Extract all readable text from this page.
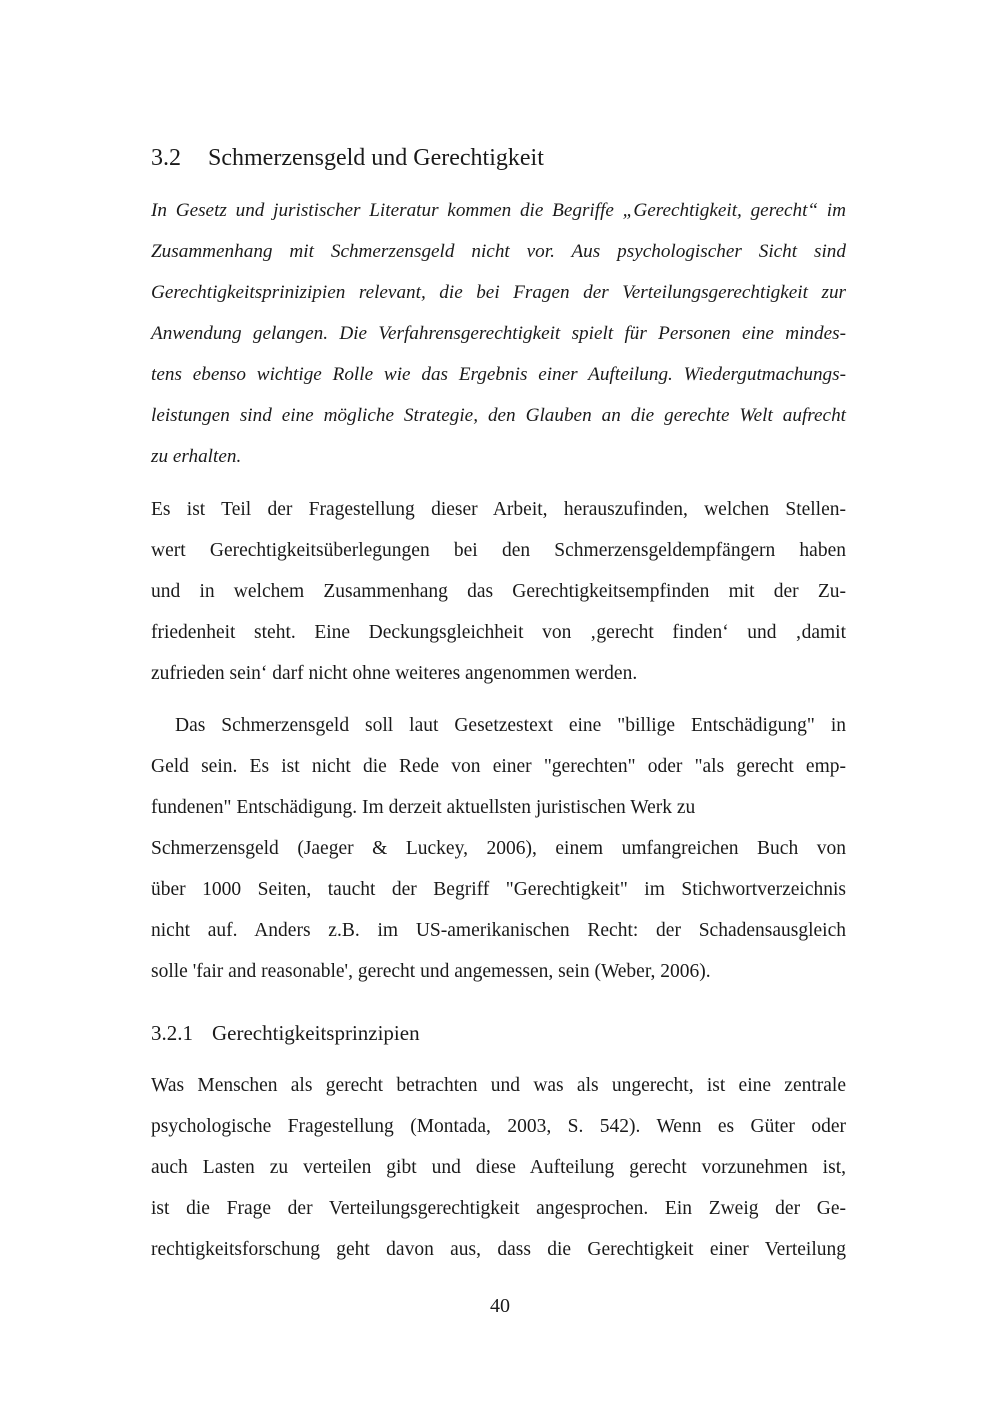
3.2 Schmerzensgeld und Gerechtigkeit
In Gesetz und juristischer Literatur kommen die Begriffe „Gerechtigkeit, gerecht“ im
Zusammenhang mit Schmerzensgeld nicht vor. Aus psychologischer Sicht sind
Gerechtigkeitsprinizipien relevant, die bei Fragen der Verteilungsgerechtigkeit zur
Anwendung gelangen. Die Verfahrensgerechtigkeit spielt für Personen eine mindes-
tens ebenso wichtige Rolle wie das Ergebnis einer Aufteilung. Wiedergutmachungs-
leistungen sind eine mögliche Strategie, den Glauben an die gerechte Welt aufrecht
zu erhalten.
Es ist Teil der Fragestellung dieser Arbeit, herauszufinden, welchen Stellen-
wert Gerechtigkeitsüberlegungen bei den Schmerzensgeldempfängern haben
und in welchem Zusammenhang das Gerechtigkeitsempfinden mit der Zu-
friedenheit steht. Eine Deckungsgleichheit von ‚gerecht finden‘ und ‚damit
zufrieden sein‘ darf nicht ohne weiteres angenommen werden.
Das Schmerzensgeld soll laut Gesetzestext eine "billige Entschädigung" in
Geld sein. Es ist nicht die Rede von einer "gerechten" oder "als gerecht emp-
fundenen" Entschädigung. Im derzeit aktuellsten juristischen Werk zu
Schmerzensgeld (Jaeger & Luckey, 2006), einem umfangreichen Buch von
über 1000 Seiten, taucht der Begriff "Gerechtigkeit" im Stichwortverzeichnis
nicht auf. Anders z.B. im US-amerikanischen Recht: der Schadensausgleich
solle 'fair and reasonable', gerecht und angemessen, sein (Weber, 2006).
3.2.1 Gerechtigkeitsprinzipien
Was Menschen als gerecht betrachten und was als ungerecht, ist eine zentrale
psychologische Fragestellung (Montada, 2003, S. 542). Wenn es Güter oder
auch Lasten zu verteilen gibt und diese Aufteilung gerecht vorzunehmen ist,
ist die Frage der Verteilungsgerechtigkeit angesprochen. Ein Zweig der Ge-
rechtigkeitsforschung geht davon aus, dass die Gerechtigkeit einer Verteilung
40
